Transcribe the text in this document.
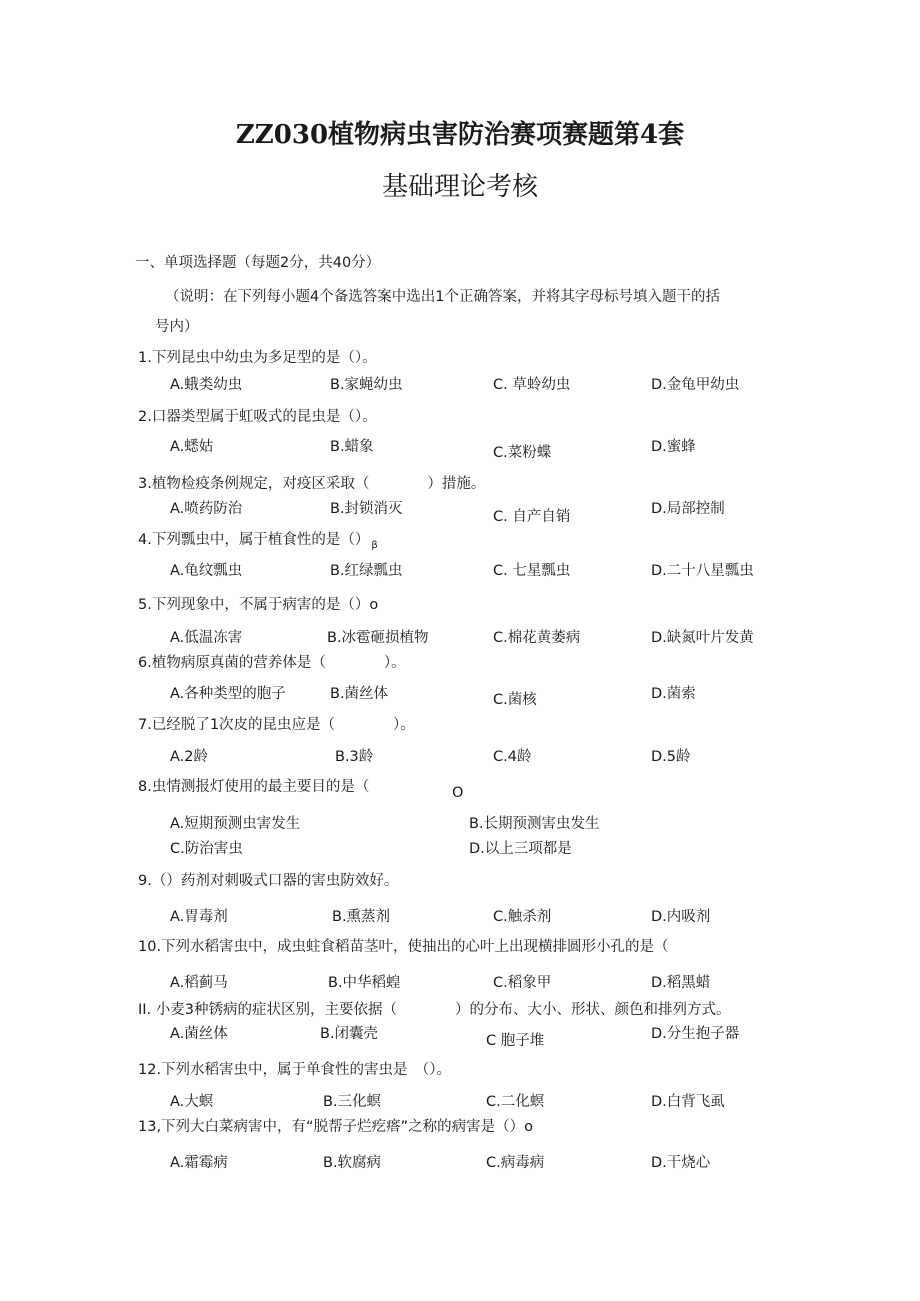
ZZ030植物病虫害防治赛项赛题第4套
基础理论考核
一、单项选择题（每题2分，共40分）
（说明：在下列每小题4个备选答案中选出1个正确答案，并将其字母标号填入题干的括
号内）
1.下列昆虫中幼虫为多足型的是（）。
A.蛾类幼虫	B.家蝇幼虫	C. 草蛉幼虫	D.金龟甲幼虫
2.口器类型属于虹吸式的昆虫是（）。
A.蟋姑	B.蜡象	C.菜粉蝶	D.蜜蜂
3.植物检疫条例规定，对疫区采取（　　　　）措施。
A.喷药防治	B.封锁消灭	C. 自产自销	D.局部控制
4.下列瓢虫中，属于植食性的是（） $_\beta$
A.龟纹瓢虫	B.红绿瓢虫	C. 七星瓢虫	D.二十八星瓢虫
5.下列现象中，不属于病害的是（）o
A.低温冻害	B.冰雹砸损植物	C.棉花黄萎病	D.缺氮叶片发黄
6.植物病原真菌的营养体是（　　　　）。
A.各种类型的胞子	B.菌丝体	C.菌核	D.菌索
7.已经脱了1次皮的昆虫应是（　　　　）。
A.2龄	B.3龄	C.4龄	D.5龄
8.虫情测报灯使用的最主要目的是（	O
A.短期预测虫害发生	B.长期预测害虫发生
C.防治害虫	D.以上三项都是
9.（）药剂对刺吸式口器的害虫防效好。
A.胃毒剂	B.熏蒸剂	C.触杀剂	D.内吸剂
10.下列水稻害虫中，成虫蛀食稻苗茎叶，使抽出的心叶上出现横排圆形小孔的是（
A.稻蓟马	B.中华稻蝗	C.稻象甲	D.稻黑蜡
II. 小麦3种锈病的症状区别，主要依据（　　　　）的分布、大小、形状、颜色和排列方式。
A.菌丝体	B.闭囊壳	C 胞子堆	D.分生抱子器
12.下列水稻害虫中，属于单食性的害虫是　（）。
A.大螟	B.三化螟	C.二化螟	D.白背飞虱
13,下列大白菜病害中，有“脱帮子烂疙瘩”之称的病害是（）o
A.霜霉病	B.软腐病	C.病毒病	D.干烧心
